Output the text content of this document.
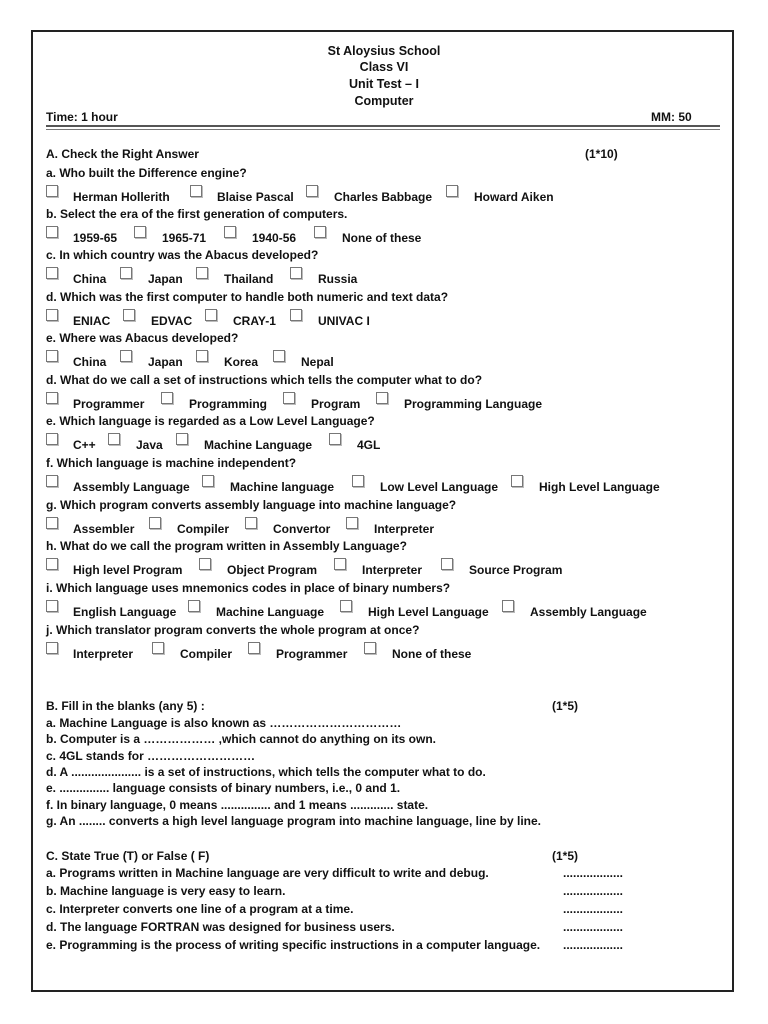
St Aloysius School
Class VI
Unit Test – I
Computer
Time: 1 hour	MM: 50
A. Check the Right Answer	(1*10)
a. Who built the Difference engine?
Herman Hollerith	Blaise Pascal	Charles Babbage	Howard Aiken
b. Select the era of the first generation of computers.
1959-65	1965-71	1940-56	None of these
c. In which country was the Abacus developed?
China	Japan	Thailand	Russia
d. Which was the first computer to handle both numeric and text data?
ENIAC	EDVAC	CRAY-1	UNIVAC I
e. Where was Abacus developed?
China	Japan	Korea	Nepal
d. What do we call a set of instructions which tells the computer what to do?
Programmer	Programming	Program	Programming Language
e. Which language is regarded as a Low Level Language?
C++	Java	Machine Language	4GL
f. Which language is machine independent?
Assembly Language	Machine language	Low Level Language	High Level Language
g. Which program converts assembly language into machine language?
Assembler	Compiler	Convertor	Interpreter
h. What do we call the program written in Assembly Language?
High level Program	Object Program	Interpreter	Source Program
i. Which language uses mnemonics codes in place of binary numbers?
English Language	Machine Language	High Level Language	Assembly Language
j. Which translator program converts the whole program at once?
Interpreter	Compiler	Programmer	None of these
B. Fill in the blanks (any 5) :	(1*5)
a. Machine Language is also known as ……………………………
b. Computer is a ……………… ,which cannot do anything on its own.
c. 4GL stands for ………………………
d. A ..................... is a set of instructions, which tells the computer what to do.
e. ............... language consists of binary numbers, i.e., 0 and 1.
f. In binary language, 0 means ............... and 1 means ............. state.
g. An ........ converts a high level language program into machine language, line by line.
C. State True (T) or False ( F)	(1*5)
a. Programs written in Machine language are very difficult to write and debug.	..................
b. Machine language is very easy to learn.	..................
c. Interpreter converts one line of a program at a time.	..................
d. The language FORTRAN was designed for business users.	..................
e. Programming is the process of writing specific instructions in a computer language. ..................
